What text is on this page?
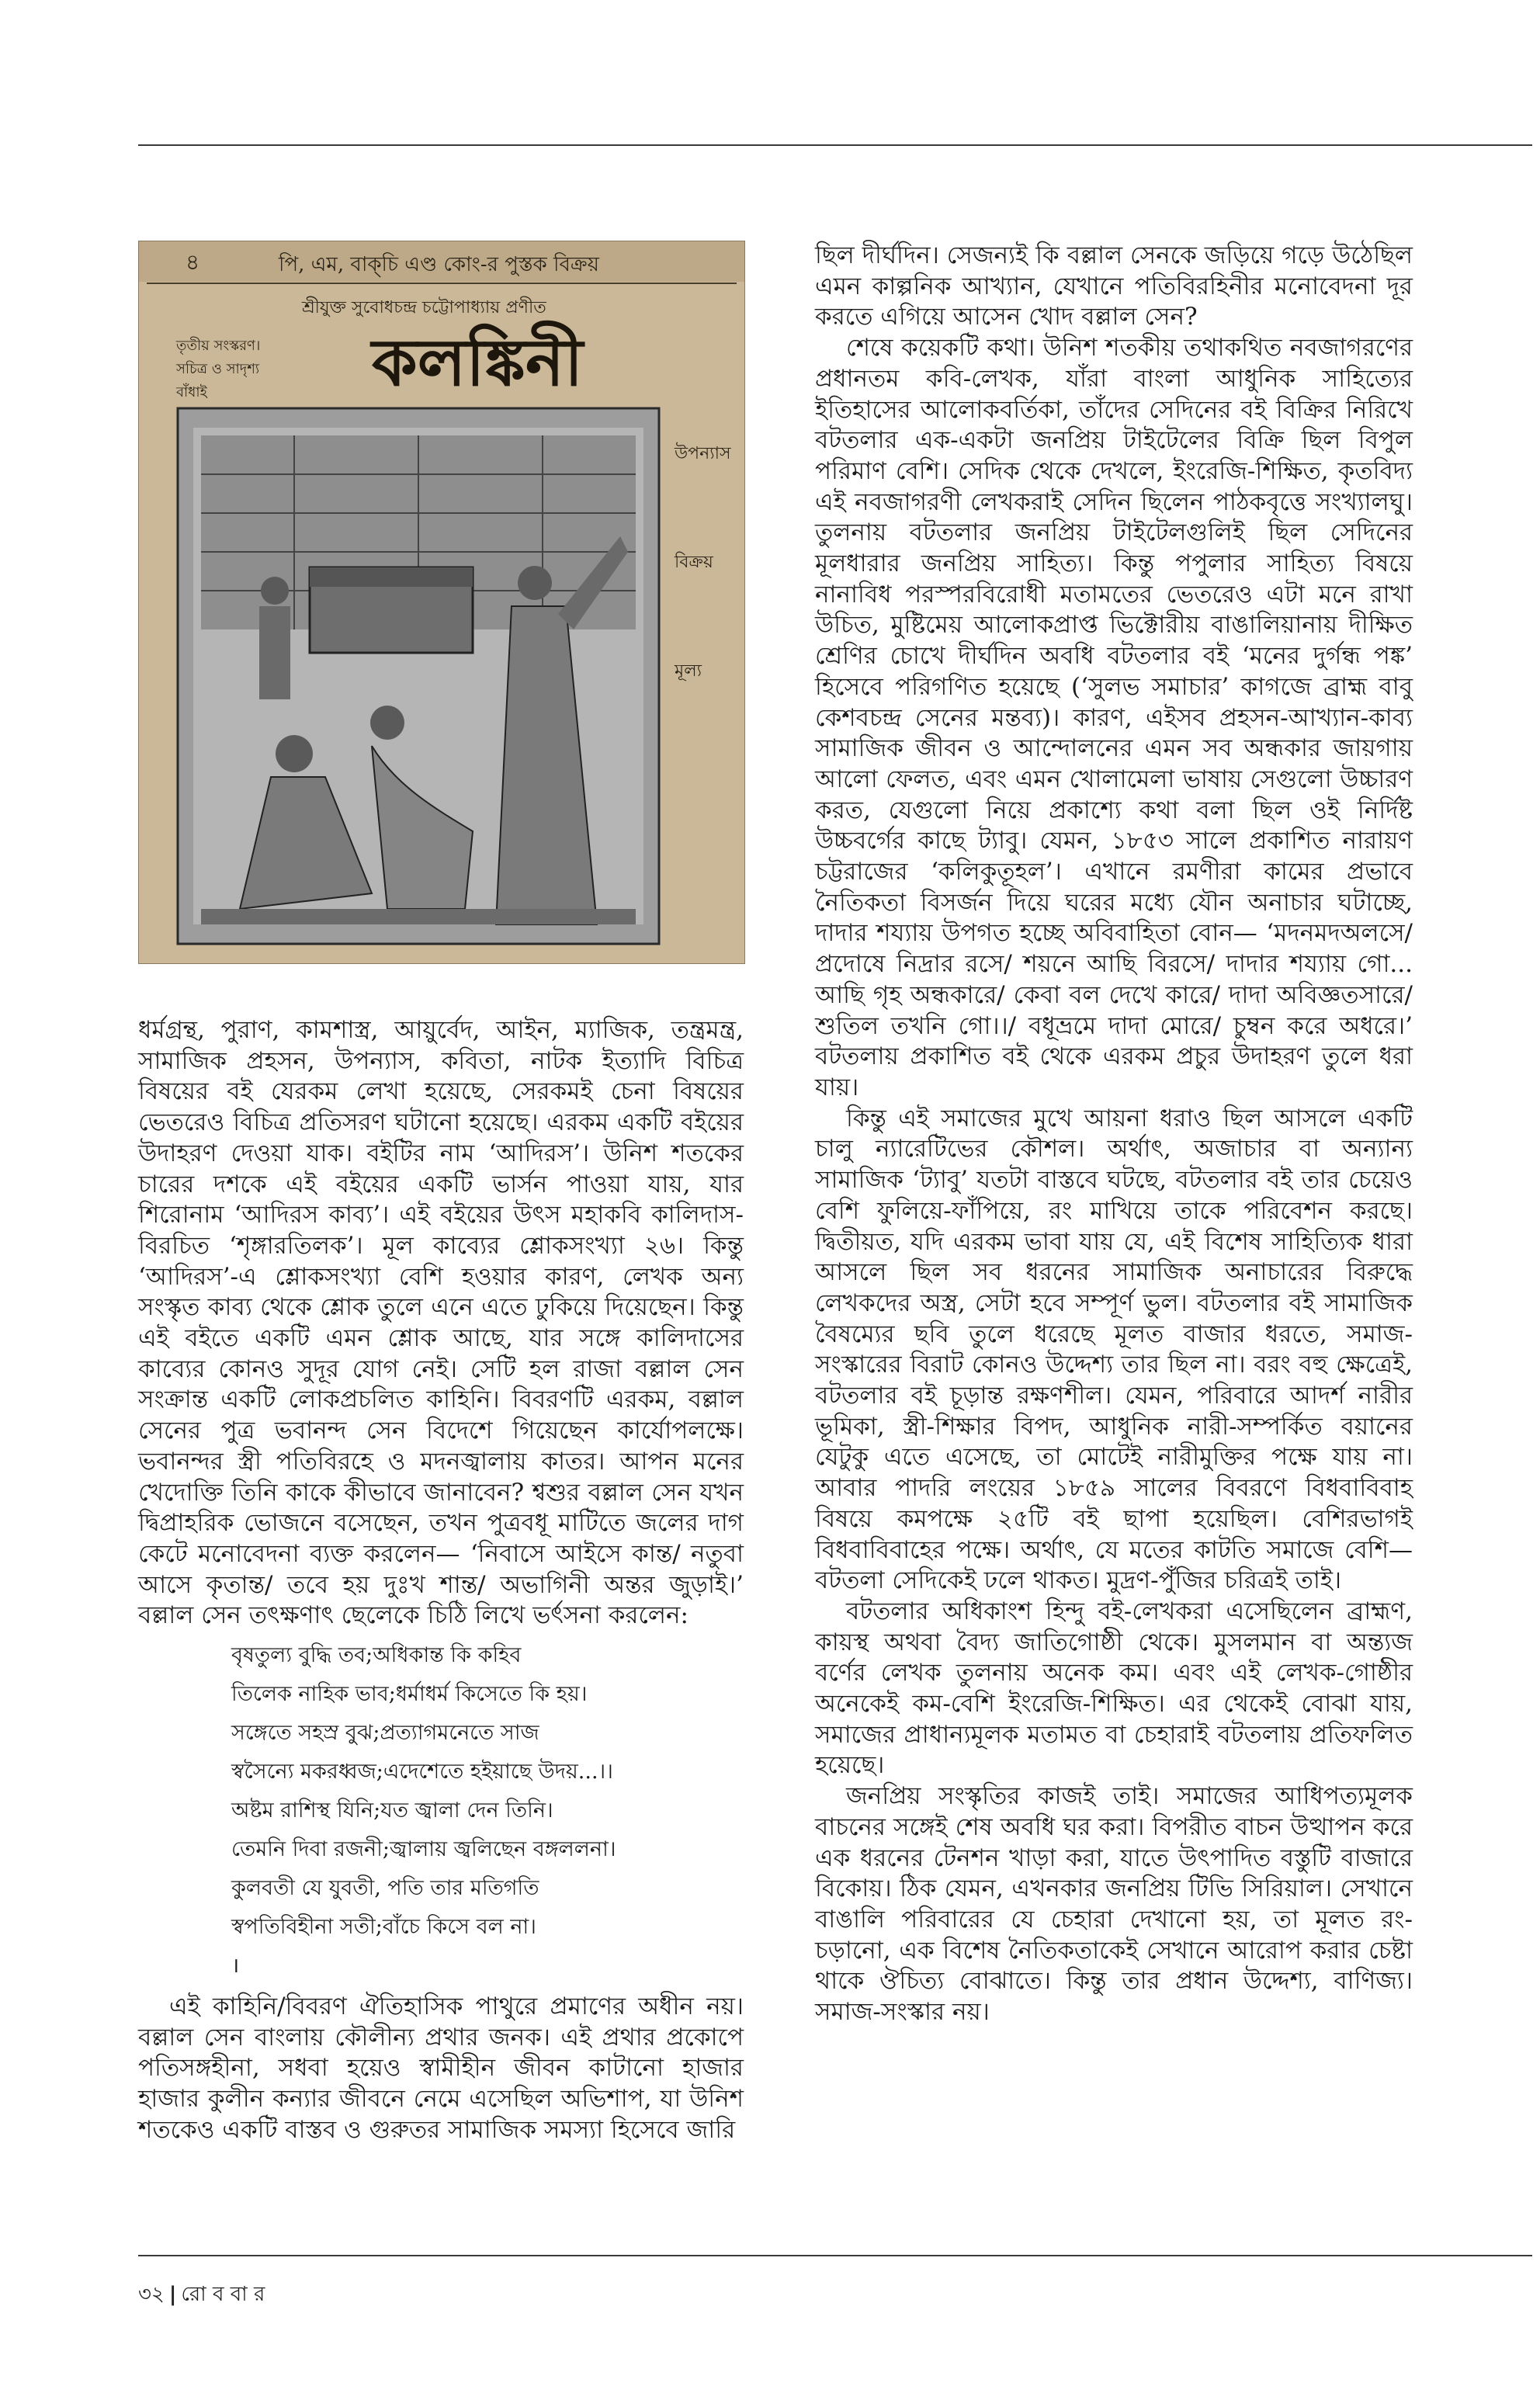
৪	পি, এম, বাক্‌চি এণ্ড কোং-র পুস্তক বিক্রয়
শ্রীযুক্ত সুবোধচন্দ্র চট্টোপাধ্যায় প্রণীত
তৃতীয় সংস্করণ।
সচিত্র ও সাদৃশ্য
বাঁধাই	কলঙ্কিনী
উপন্যাস
বিক্রয়
মূল্য

ধর্মগ্রন্থ, পুরাণ, কামশাস্ত্র, আয়ুর্বেদ, আইন, ম্যাজিক, তন্ত্রমন্ত্র, সামাজিক প্রহসন, উপন্যাস, কবিতা, নাটক ইত্যাদি বিচিত্র বিষয়ের বই যেরকম লেখা হয়েছে, সেরকমই চেনা বিষয়ের ভেতরেও বিচিত্র প্রতিসরণ ঘটানো হয়েছে। এরকম একটি বইয়ের উদাহরণ দেওয়া যাক। বইটির নাম ‘আদিরস’। উনিশ শতকের চারের দশকে এই বইয়ের একটি ভার্সন পাওয়া যায়, যার শিরোনাম ‘আদিরস কাব্য’। এই বইয়ের উৎস মহাকবি কালিদাস-বিরচিত ‘শৃঙ্গারতিলক’। মূল কাব্যের শ্লোকসংখ্যা ২৬। কিন্তু ‘আদিরস’-এ শ্লোকসংখ্যা বেশি হওয়ার কারণ, লেখক অন্য সংস্কৃত কাব্য থেকে শ্লোক তুলে এনে এতে ঢুকিয়ে দিয়েছেন। কিন্তু এই বইতে একটি এমন শ্লোক আছে, যার সঙ্গে কালিদাসের কাব্যের কোনও সুদূর যোগ নেই। সেটি হল রাজা বল্লাল সেন সংক্রান্ত একটি লোকপ্রচলিত কাহিনি। বিবরণটি এরকম, বল্লাল সেনের পুত্র ভবানন্দ সেন বিদেশে গিয়েছেন কার্যোপলক্ষে। ভবানন্দর স্ত্রী পতিবিরহে ও মদনজ্বালায় কাতর। আপন মনের খেদোক্তি তিনি কাকে কীভাবে জানাবেন? শ্বশুর বল্লাল সেন যখন দ্বিপ্রাহরিক ভোজনে বসেছেন, তখন পুত্রবধূ মাটিতে জলের দাগ কেটে মনোবেদনা ব্যক্ত করলেন— ‘নিবাসে আইসে কান্ত/ নতুবা আসে কৃতান্ত/ তবে হয় দুঃখ শান্ত/ অভাগিনী অন্তর জুড়াই।’ বল্লাল সেন তৎক্ষণাৎ ছেলেকে চিঠি লিখে ভর্ৎসনা করলেন:

বৃষতুল্য বুদ্ধি তব;অধিকান্ত কি কহিব
তিলেক নাহিক ভাব;ধর্মাধর্ম কিসেতে কি হয়।
সঙ্গেতে সহস্র বুঝ;প্রত্যাগমনেতে সাজ
স্বসৈন্যে মকরধ্বজ;এদেশেতে হইয়াছে উদয়...।।
অষ্টম রাশিস্থ যিনি;যত জ্বালা দেন তিনি।
তেমনি দিবা রজনী;জ্বালায় জ্বলিছেন বঙ্গললনা।
কুলবতী যে যুবতী, পতি তার মতিগতি
স্বপতিবিহীনা সতী;বাঁচে কিসে বল না।
।

এই কাহিনি/বিবরণ ঐতিহাসিক পাথুরে প্রমাণের অধীন নয়। বল্লাল সেন বাংলায় কৌলীন্য প্রথার জনক। এই প্রথার প্রকোপে পতিসঙ্গহীনা, সধবা হয়েও স্বামীহীন জীবন কাটানো হাজার হাজার কুলীন কন্যার জীবনে নেমে এসেছিল অভিশাপ, যা উনিশ শতকেও একটি বাস্তব ও গুরুতর সামাজিক সমস্যা হিসেবে জারি

ছিল দীর্ঘদিন। সেজন্যই কি বল্লাল সেনকে জড়িয়ে গড়ে উঠেছিল এমন কাল্পনিক আখ্যান, যেখানে পতিবিরহিনীর মনোবেদনা দূর করতে এগিয়ে আসেন খোদ বল্লাল সেন?

শেষে কয়েকটি কথা। উনিশ শতকীয় তথাকথিত নবজাগরণের প্রধানতম কবি-লেখক, যাঁরা বাংলা আধুনিক সাহিত্যের ইতিহাসের আলোকবর্তিকা, তাঁদের সেদিনের বই বিক্রির নিরিখে বটতলার এক-একটা জনপ্রিয় টাইটেলের বিক্রি ছিল বিপুল পরিমাণ বেশি। সেদিক থেকে দেখলে, ইংরেজি-শিক্ষিত, কৃতবিদ্য এই নবজাগরণী লেখকরাই সেদিন ছিলেন পাঠকবৃত্তে সংখ্যালঘু। তুলনায় বটতলার জনপ্রিয় টাইটেলগুলিই ছিল সেদিনের মূলধারার জনপ্রিয় সাহিত্য। কিন্তু পপুলার সাহিত্য বিষয়ে নানাবিধ পরস্পরবিরোধী মতামতের ভেতরেও এটা মনে রাখা উচিত, মুষ্টিমেয় আলোকপ্রাপ্ত ভিক্টোরীয় বাঙালিয়ানায় দীক্ষিত শ্রেণির চোখে দীর্ঘদিন অবধি বটতলার বই ‘মনের দুর্গন্ধ পঙ্ক’ হিসেবে পরিগণিত হয়েছে (‘সুলভ সমাচার’ কাগজে ব্রাহ্ম বাবু কেশবচন্দ্র সেনের মন্তব্য)। কারণ, এইসব প্রহসন-আখ্যান-কাব্য সামাজিক জীবন ও আন্দোলনের এমন সব অন্ধকার জায়গায় আলো ফেলত, এবং এমন খোলামেলা ভাষায় সেগুলো উচ্চারণ করত, যেগুলো নিয়ে প্রকাশ্যে কথা বলা ছিল ওই নির্দিষ্ট উচ্চবর্গের কাছে ট্যাবু। যেমন, ১৮৫৩ সালে প্রকাশিত নারায়ণ চট্টরাজের ‘কলিকুতূহল’। এখানে রমণীরা কামের প্রভাবে নৈতিকতা বিসর্জন দিয়ে ঘরের মধ্যে যৌন অনাচার ঘটাচ্ছে, দাদার শয্যায় উপগত হচ্ছে অবিবাহিতা বোন— ‘মদনমদঅলসে/ প্রদোষে নিদ্রার রসে/ শয়নে আছি বিরসে/ দাদার শয্যায় গো... আছি গৃহ অন্ধকারে/ কেবা বল দেখে কারে/ দাদা অবিজ্ঞতসারে/ শুতিল তখনি গো।।/ বধূভ্রমে দাদা মোরে/ চুম্বন করে অধরে।’ বটতলায় প্রকাশিত বই থেকে এরকম প্রচুর উদাহরণ তুলে ধরা যায়।

কিন্তু এই সমাজের মুখে আয়না ধরাও ছিল আসলে একটি চালু ন্যারেটিভের কৌশল। অর্থাৎ, অজাচার বা অন্যান্য সামাজিক ‘ট্যাবু’ যতটা বাস্তবে ঘটছে, বটতলার বই তার চেয়েও বেশি ফুলিয়ে-ফাঁপিয়ে, রং মাখিয়ে তাকে পরিবেশন করছে। দ্বিতীয়ত, যদি এরকম ভাবা যায় যে, এই বিশেষ সাহিত্যিক ধারা আসলে ছিল সব ধরনের সামাজিক অনাচারের বিরুদ্ধে লেখকদের অস্ত্র, সেটা হবে সম্পূর্ণ ভুল। বটতলার বই সামাজিক বৈষম্যের ছবি তুলে ধরেছে মূলত বাজার ধরতে, সমাজ-সংস্কারের বিরাট কোনও উদ্দেশ্য তার ছিল না। বরং বহু ক্ষেত্রেই, বটতলার বই চূড়ান্ত রক্ষণশীল। যেমন, পরিবারে আদর্শ নারীর ভূমিকা, স্ত্রী-শিক্ষার বিপদ, আধুনিক নারী-সম্পর্কিত বয়ানের যেটুকু এতে এসেছে, তা মোটেই নারীমুক্তির পক্ষে যায় না। আবার পাদরি লংয়ের ১৮৫৯ সালের বিবরণে বিধবাবিবাহ বিষয়ে কমপক্ষে ২৫টি বই ছাপা হয়েছিল। বেশিরভাগই বিধবাবিবাহের পক্ষে। অর্থাৎ, যে মতের কাটতি সমাজে বেশি— বটতলা সেদিকেই ঢলে থাকত। মুদ্রণ-পুঁজির চরিত্রই তাই।

বটতলার অধিকাংশ হিন্দু বই-লেখকরা এসেছিলেন ব্রাহ্মণ, কায়স্থ অথবা বৈদ্য জাতিগোষ্ঠী থেকে। মুসলমান বা অন্ত্যজ বর্ণের লেখক তুলনায় অনেক কম। এবং এই লেখক-গোষ্ঠীর অনেকেই কম-বেশি ইংরেজি-শিক্ষিত। এর থেকেই বোঝা যায়, সমাজের প্রাধান্যমূলক মতামত বা চেহারাই বটতলায় প্রতিফলিত হয়েছে।

জনপ্রিয় সংস্কৃতির কাজই তাই। সমাজের আধিপত্যমূলক বাচনের সঙ্গেই শেষ অবধি ঘর করা। বিপরীত বাচন উত্থাপন করে এক ধরনের টেনশন খাড়া করা, যাতে উৎপাদিত বস্তুটি বাজারে বিকোয়। ঠিক যেমন, এখনকার জনপ্রিয় টিভি সিরিয়াল। সেখানে বাঙালি পরিবারের যে চেহারা দেখানো হয়, তা মূলত রং-চড়ানো, এক বিশেষ নৈতিকতাকেই সেখানে আরোপ করার চেষ্টা থাকে ঔচিত্য বোঝাতে। কিন্তু তার প্রধান উদ্দেশ্য, বাণিজ্য। সমাজ-সংস্কার নয়।

৩২ | রো ব বা র
